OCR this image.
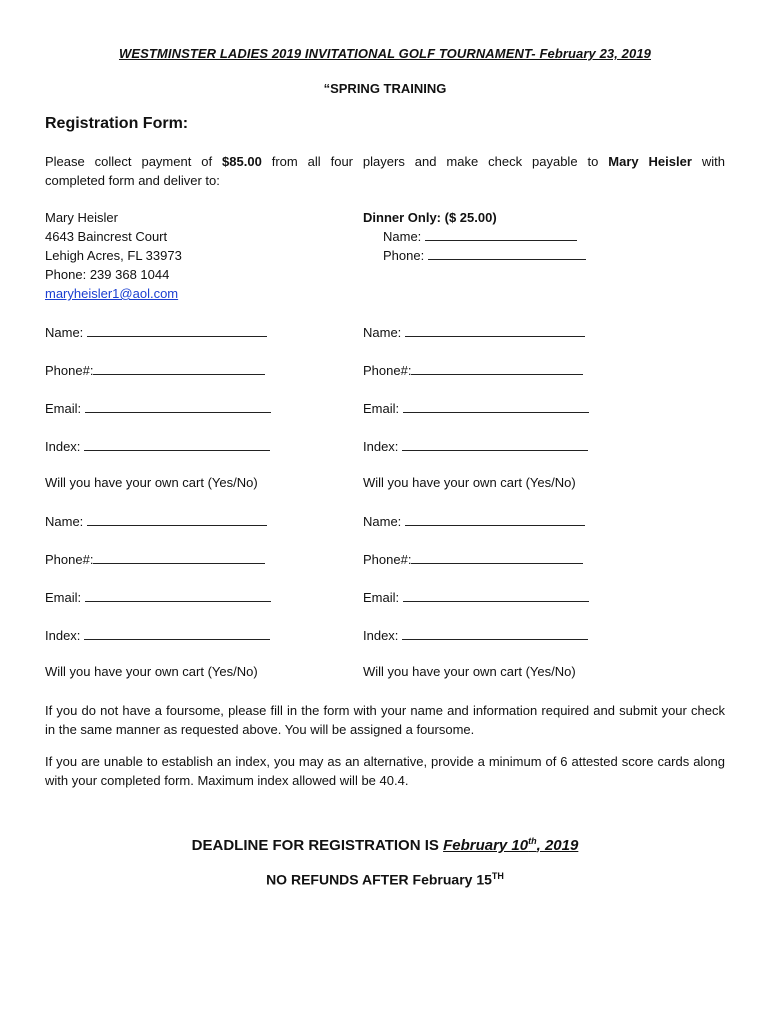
WESTMINSTER LADIES 2019 INVITATIONAL GOLF TOURNAMENT- February 23, 2019
“SPRING TRAINING
Registration Form:
Please collect payment of $85.00 from all four players and make check payable to Mary Heisler with
completed form and deliver to:
Mary Heisler
4643 Baincrest Court
Lehigh Acres, FL 33973
Phone: 239 368 1044
maryheisler1@aol.com
Dinner Only: ($ 25.00)
Name:
Phone:
Name:	Name:
Phone#:	Phone#:
Email:	Email:
Index:	Index:
Will you have your own cart (Yes/No)	Will you have your own cart (Yes/No)
Name:	Name:
Phone#:	Phone#:
Email:	Email:
Index:	Index:
Will you have your own cart (Yes/No)	Will you have your own cart (Yes/No)
If you do not have a foursome, please fill in the form with your name and information required and submit your check in the same manner as requested above. You will be assigned a foursome.
If you are unable to establish an index, you may as an alternative, provide a minimum of 6 attested score cards along with your completed form. Maximum index allowed will be 40.4.
DEADLINE FOR REGISTRATION IS February 10th, 2019
NO REFUNDS AFTER February 15TH
